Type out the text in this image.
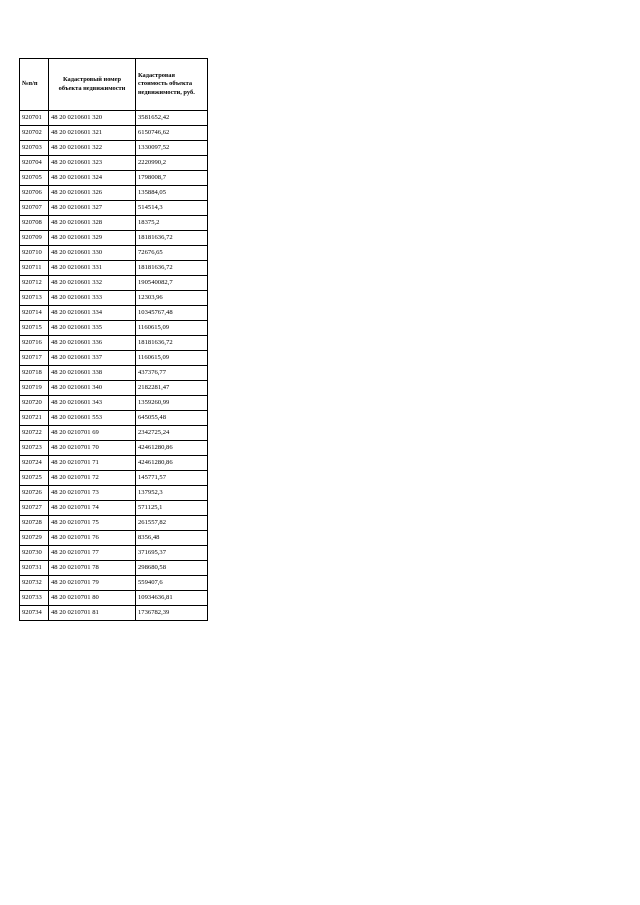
№п/п	Кадастровый номер объекта недвижимости	Кадастровая стоимость объекта недвижимости, руб.
920701	48 20 0210601 320	3581652,42
920702	48 20 0210601 321	6150746,62
920703	48 20 0210601 322	1330097,52
920704	48 20 0210601 323	2220990,2
920705	48 20 0210601 324	1798008,7
920706	48 20 0210601 326	135884,05
920707	48 20 0210601 327	514514,3
920708	48 20 0210601 328	18375,2
920709	48 20 0210601 329	18181636,72
920710	48 20 0210601 330	72676,65
920711	48 20 0210601 331	18181636,72
920712	48 20 0210601 332	190540082,7
920713	48 20 0210601 333	12303,96
920714	48 20 0210601 334	10345767,48
920715	48 20 0210601 335	1160615,09
920716	48 20 0210601 336	18181636,72
920717	48 20 0210601 337	1160615,09
920718	48 20 0210601 338	437376,77
920719	48 20 0210601 340	2182281,47
920720	48 20 0210601 343	1359260,99
920721	48 20 0210601 553	645055,48
920722	48 20 0210701 69	2342725,24
920723	48 20 0210701 70	42461280,86
920724	48 20 0210701 71	42461280,86
920725	48 20 0210701 72	145771,57
920726	48 20 0210701 73	137952,3
920727	48 20 0210701 74	571125,1
920728	48 20 0210701 75	261557,82
920729	48 20 0210701 76	8356,48
920730	48 20 0210701 77	371695,37
920731	48 20 0210701 78	298680,58
920732	48 20 0210701 79	559407,6
920733	48 20 0210701 80	10934636,81
920734	48 20 0210701 81	1736782,39
